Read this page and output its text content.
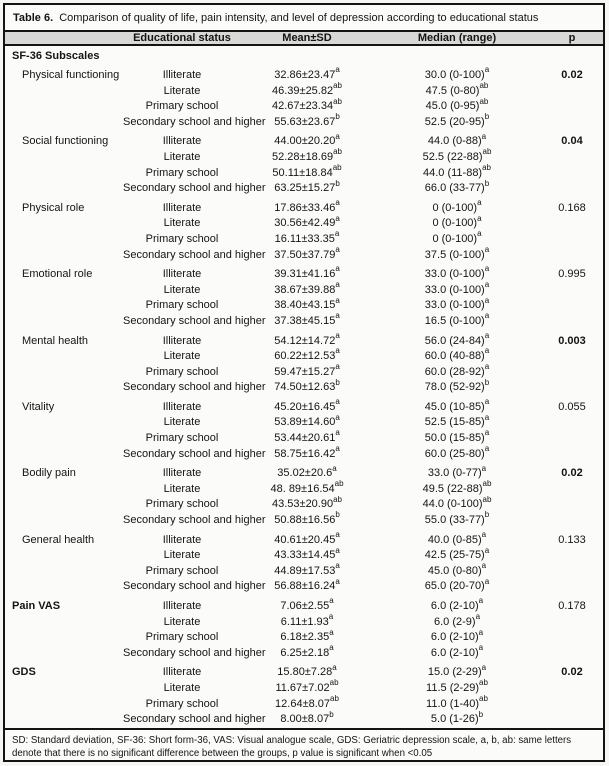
Table 6. Comparison of quality of life, pain intensity, and level of depression according to educational status
Educational status	Mean±SD	Median (range)	p
SF-36 Subscales
Physical functioning	Illiterate	32.86±23.47$^a$	30.0 $(0-100)^a$	0.02
Literate	46.39±25.82$^{ab}$	47.5 $(0-80)^{ab}$
Primary school	42.67±23.34$^{ab}$	45.0 $(0-95)^{ab}$
Secondary school and higher 55.63±23.67$^b$	52.5 $(20-95)^b$
Social functioning	Illiterate	44.00±20.20$^a$	44.0 $(0-88)^a$	0.04
Literate	52.28±18.69$^{ab}$	52.5 $(22-88)^{ab}$
Primary school	50.11±18.84$^{ab}$	44.0 $(11-88)^{ab}$
Secondary school and higher 63.25±15.27$^b$	66.0 $(33-77)^b$
Physical role	Illiterate	17.86±33.46$^a$	0 $(0-100)^a$	0.168
Literate	30.56±42.49$^a$	0 $(0-100)^a$
Primary school	16.11±33.35$^a$	0 $(0-100)^a$
Secondary school and higher 37.50±37.79$^a$	37.5 $(0-100)^a$
Emotional role	Illiterate	39.31±41.16$^a$	33.0 $(0-100)^a$	0.995
Literate	38.67±39.88$^a$	33.0 $(0-100)^a$
Primary school	38.40±43.15$^a$	33.0 $(0-100)^a$
Secondary school and higher 37.38±45.15$^a$	16.5 $(0-100)^a$
Mental health	Illiterate	54.12±14.72$^a$	56.0 $(24-84)^a$	0.003
Literate	60.22±12.53$^a$	60.0 $(40-88)^a$
Primary school	59.47±15.27$^a$	60.0 $(28-92)^a$
Secondary school and higher 74.50±12.63$^b$	78.0 $(52-92)^b$
Vitality	Illiterate	45.20±16.45$^a$	45.0 $(10-85)^a$	0.055
Literate	53.89±14.60$^a$	52.5 $(15-85)^a$
Primary school	53.44±20.61$^a$	50.0 $(15-85)^a$
Secondary school and higher 58.75±16.42$^a$	60.0 $(25-80)^a$
Bodily pain	Illiterate	35.02±20.6$^a$	33.0 $(0-77)^a$	0.02
Literate	48. 89±16.54$^{ab}$	49.5 $(22-88)^{ab}$
Primary school	43.53±20.90$^{ab}$	44.0 $(0-100)^{ab}$
Secondary school and higher 50.88±16.56$^b$	55.0 $(33-77)^b$
General health	Illiterate	40.61±20.45$^a$	40.0 $(0-85)^a$	0.133
Literate	43.33±14.45$^a$	42.5 $(25-75)^a$
Primary school	44.89±17.53$^a$	45.0 $(0-80)^a$
Secondary school and higher 56.88±16.24$^a$	65.0 $(20-70)^a$
Pain VAS	Illiterate	7.06±2.55$^a$	6.0 $(2-10)^a$	0.178
Literate	6.11±1.93$^a$	6.0 $(2-9)^a$
Primary school	6.18±2.35$^a$	6.0 $(2-10)^a$
Secondary school and higher	6.25±2.18$^a$	6.0 $(2-10)^a$
GDS	Illiterate	15.80±7.28$^a$	15.0 $(2-29)^a$	0.02
Literate	11.67±7.02$^{ab}$	11.5 $(2-29)^{ab}$
Primary school	12.64±8.07$^{ab}$	11.0 $(1-40)^{ab}$
Secondary school and higher	8.00±8.07$^b$	5.0 $(1-26)^b$
SD: Standard deviation, SF-36: Short form-36, VAS: Visual analogue scale, GDS: Geriatric depression scale, a, b, ab: same letters denote that there is no significant difference between the groups, p value is significant when <0.05
